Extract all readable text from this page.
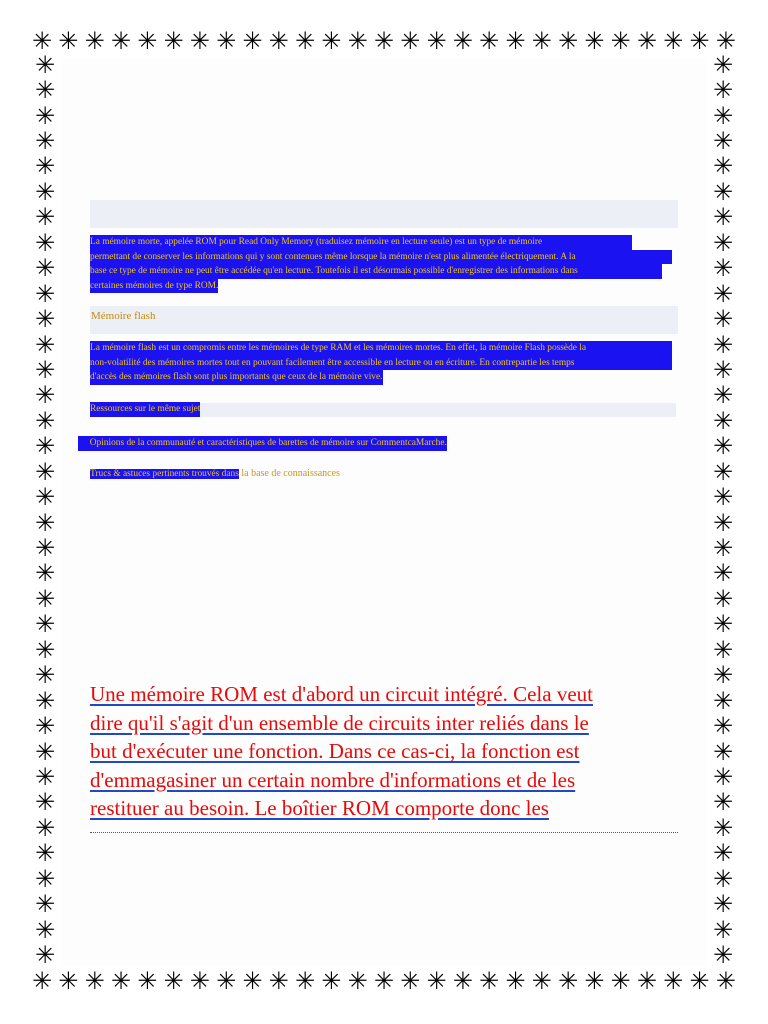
✳ ✳ ✳ ✳ ✳ ✳ ✳ ✳ ✳ ✳ ✳ ✳ ✳ ✳ ✳ ✳ ✳ ✳ ✳ ✳ ✳ ✳ ✳ ✳ ✳ ✳ ✳
✳ ✳ ✳ ✳ ✳ ✳ ✳ ✳ ✳ ✳ ✳ ✳ ✳ ✳ ✳ ✳ ✳ ✳ ✳ ✳ ✳ ✳ ✳ ✳ ✳ ✳ ✳
✳
✳
✳
✳
✳
✳
✳
✳
✳
✳
✳
✳
✳
✳
✳
✳
✳
✳
✳
✳
✳
✳
✳
✳
✳
✳
✳
✳
✳
✳
✳
✳
✳
✳
✳
✳
✳
✳
✳
✳
✳
✳
✳
✳
✳
✳
✳
✳
✳
✳
✳
✳
✳
✳
✳
✳
✳
✳
✳
✳
✳
✳
✳
✳
✳
✳
✳
✳
✳
✳
✳
✳
La mémoire morte, appelée ROM pour Read Only Memory (traduisez mémoire en lecture seule) est un type de mémoire
permettant de conserver les informations qui y sont contenues même lorsque la mémoire n'est plus alimentée électriquement. A la
base ce type de mémoire ne peut être accédée qu'en lecture. Toutefois il est désormais possible d'enregistrer des informations dans
certaines mémoires de type ROM.
Mémoire flash
La mémoire flash est un compromis entre les mémoires de type RAM et les mémoires mortes. En effet, la mémoire Flash possède la
non-volatilité des mémoires mortes tout en pouvant facilement être accessible en lecture ou en écriture. En contrepartie les temps
d'accès des mémoires flash sont plus importants que ceux de la mémoire vive.
Ressources sur le même sujet
Opinions de la communauté et caractéristiques de barettes de mémoire sur CommentcaMarche.
Trucs & astuces pertinents trouvés dans la base de connaissances
Une mémoire ROM est d'abord un circuit intégré. Cela veut
dire qu'il s'agit d'un ensemble de circuits inter reliés dans le
but d'exécuter une fonction. Dans ce cas-ci, la fonction est
d'emmagasiner un certain nombre d'informations et de les
restituer au besoin. Le boîtier ROM comporte donc les
